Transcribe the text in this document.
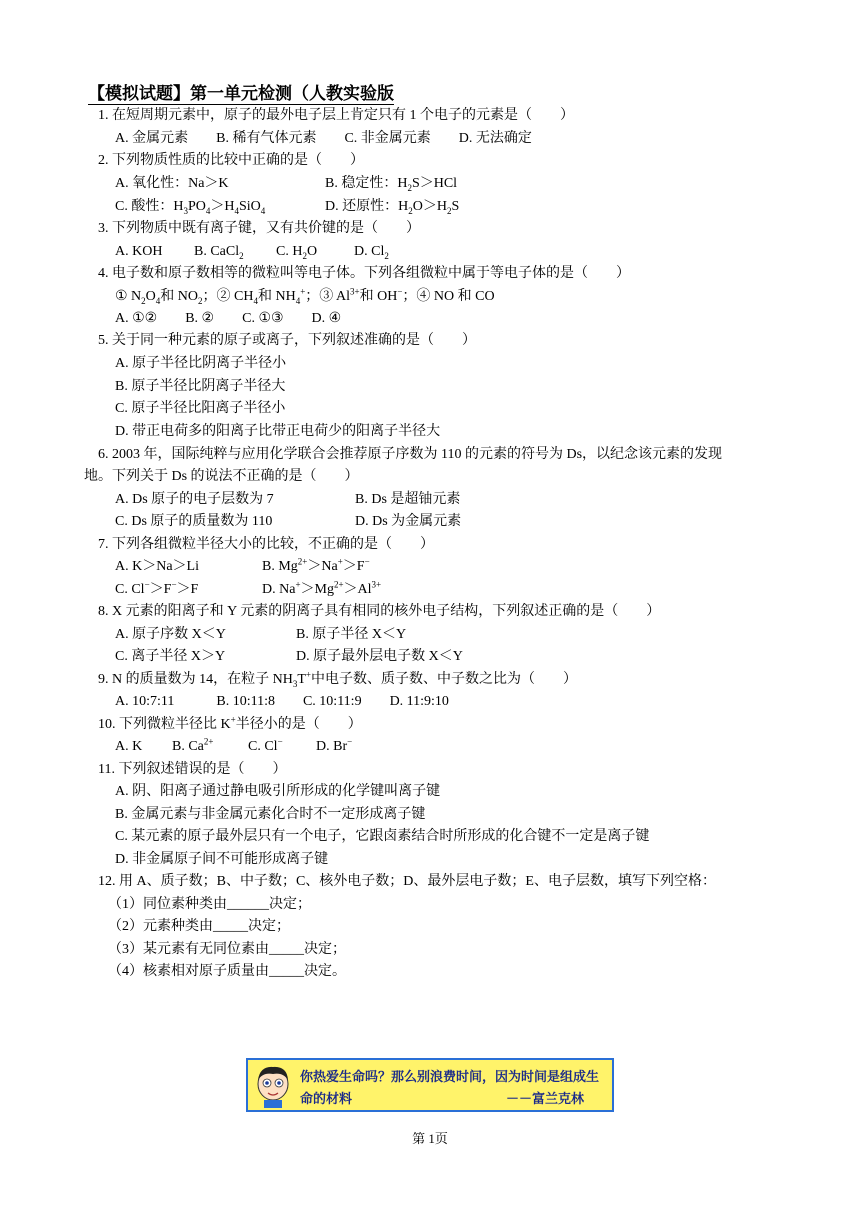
【模拟试题】第一单元检测（人教实验版
1. 在短周期元素中，原子的最外电子层上肯定只有 1 个电子的元素是（　　）
A. 金属元素　　B. 稀有气体元素　　C. 非金属元素　　D. 无法确定
2. 下列物质性质的比较中正确的是（　　）
A. 氧化性：Na＞K	B. 稳定性：$H_2S>HCl$
C. 酸性：$H_3PO_4>H_4SiO_4$	D. 还原性：$H_2O>H_2S$
3. 下列物质中既有离子键，又有共价键的是（　　）
A. KOH B. CaCl$_2$ C. $H_2O$	D. $Cl_2$
4. 电子数和原子数相等的微粒叫等电子体。下列各组微粒中属于等电子体的是（　　）
① $N_2O_4$和 $NO_2$；② $CH_4$和 $NH_4^+$；③ $Al^{3+}$和 OH−；④ NO 和 CO
A. ①②　　B. ②　　C. ①③　　D. ④
5. 关于同一种元素的原子或离子，下列叙述准确的是（　　）
A. 原子半径比阴离子半径小
B. 原子半径比阴离子半径大
C. 原子半径比阳离子半径小
D. 带正电荷多的阳离子比带正电荷少的阳离子半径大
6. 2003 年，国际纯粹与应用化学联合会推荐原子序数为 110 的元素的符号为 Ds，以纪念该元素的发现
地。下列关于 Ds 的说法不正确的是（　　）
A. Ds 原子的电子层数为 7	B. Ds 是超铀元素
C. Ds 原子的质量数为 110	D. Ds 为金属元素
7. 下列各组微粒半径大小的比较，不正确的是（　　）
A. K＞Na＞Li	B. $Mg^{2+}>Na^+>F^-$
C. Cl−＞F−＞F	D. $Na^+>Mg^{2+}>Al^{3+}$
8. X 元素的阳离子和 Y 元素的阴离子具有相同的核外电子结构，下列叙述正确的是（　　）
A. 原子序数 X＜Y	B. 原子半径 X＜Y
C. 离子半径 X＞Y	D. 原子最外层电子数 X＜Y
9. N 的质量数为 14，在粒子 $NH_3T^+$中电子数、质子数、中子数之比为（　　）
A. 10:7:11　　　B. 10:11:8　　C. 10:11:9　　D. 11:9:10
10. 下列微粒半径比 K+半径小的是（　　）
A. K B. $Ca^{2+}$ C. Cl− D. Br−
11. 下列叙述错误的是（　　）
A. 阴、阳离子通过静电吸引所形成的化学键叫离子键
B. 金属元素与非金属元素化合时不一定形成离子键
C. 某元素的原子最外层只有一个电子，它跟卤素结合时所形成的化合键不一定是离子键
D. 非金属原子间不可能形成离子键
12. 用 A、质子数；B、中子数；C、核外电子数；D、最外层电子数；E、电子层数，填写下列空格：
（1）同位素种类由______决定；
（2）元素种类由_____决定；
（3）某元素有无同位素由_____决定；
（4）核素相对原子质量由_____决定。
你热爱生命吗？那么别浪费时间，因为时间是组成生
命的材料	－－富兰克林
第 1页
